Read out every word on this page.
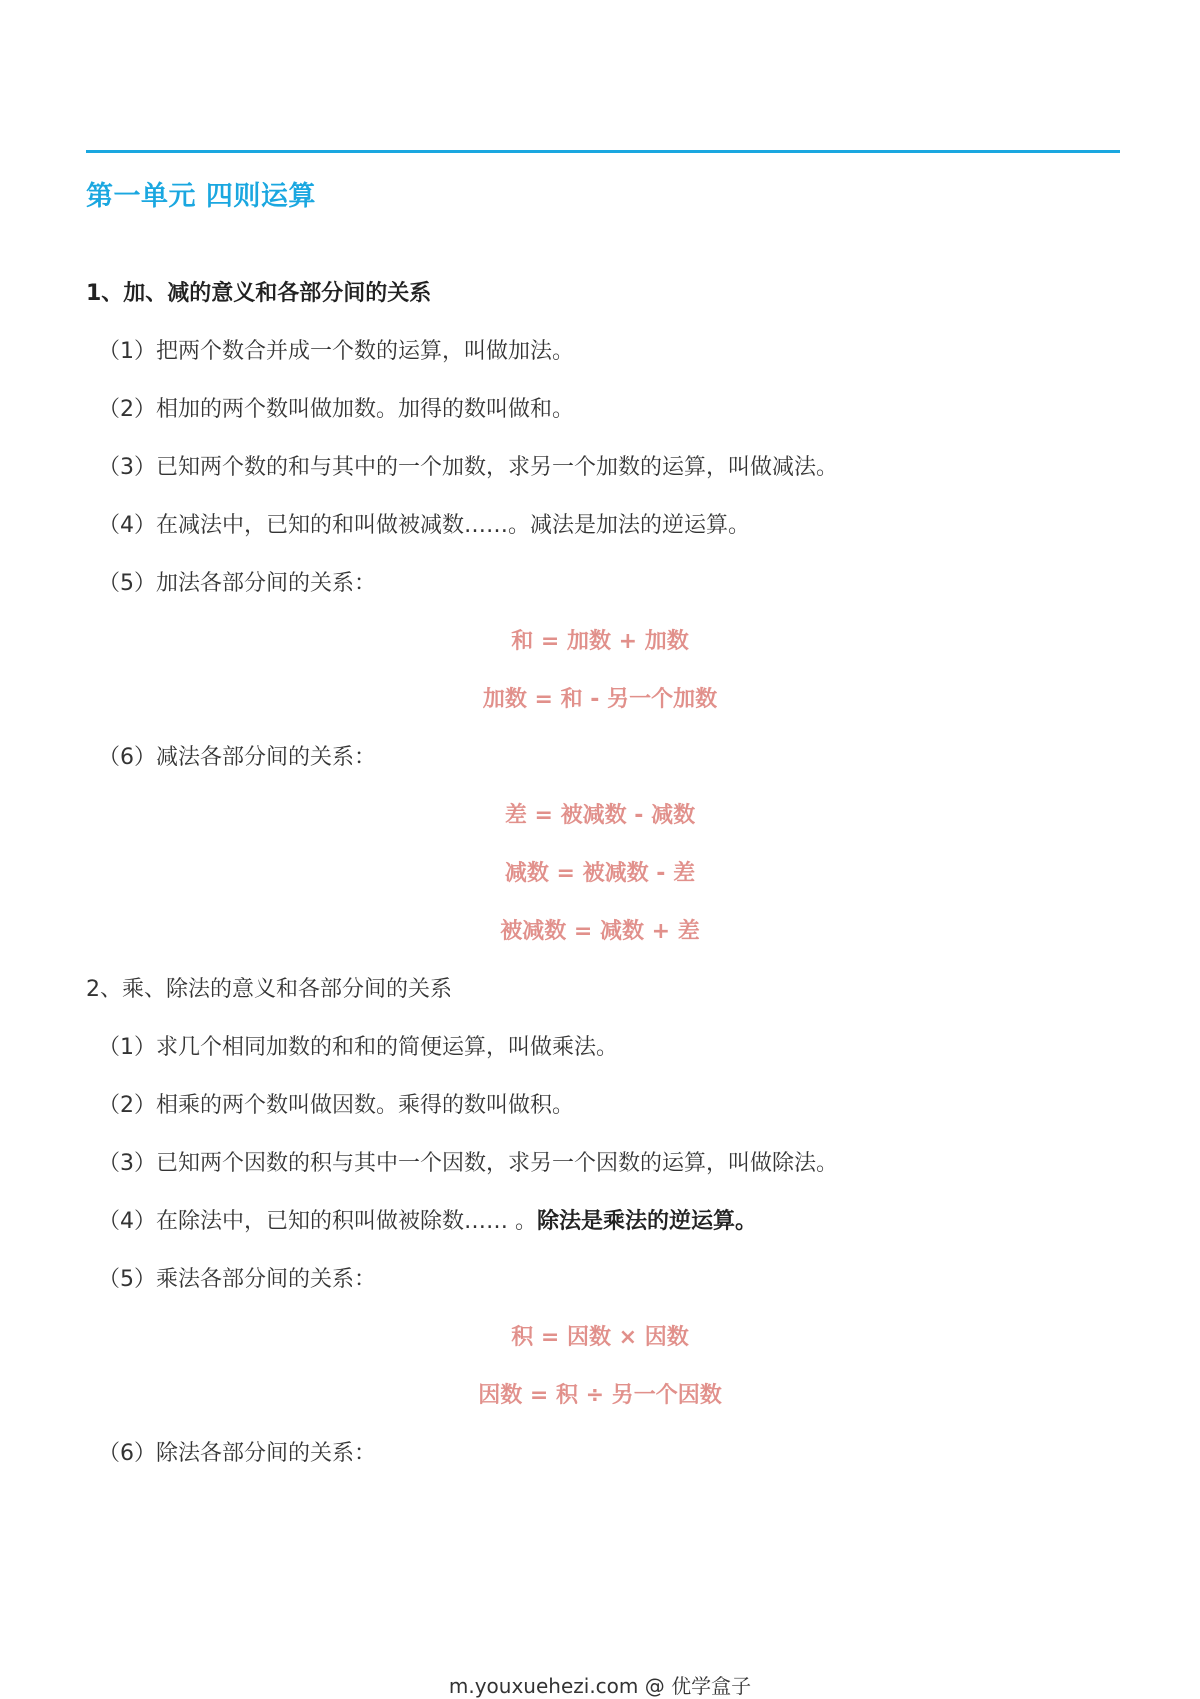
第一单元 四则运算
1、加、减的意义和各部分间的关系
（1）把两个数合并成一个数的运算，叫做加法。
（2）相加的两个数叫做加数。加得的数叫做和。
（3）已知两个数的和与其中的一个加数，求另一个加数的运算，叫做减法。
（4）在减法中，已知的和叫做被减数……。减法是加法的逆运算。
（5）加法各部分间的关系：
和 = 加数 + 加数
加数 = 和 - 另一个加数
（6）减法各部分间的关系：
差 = 被减数 - 减数
减数 = 被减数 - 差
被减数 = 减数 + 差
2、乘、除法的意义和各部分间的关系
（1）求几个相同加数的和和的简便运算，叫做乘法。
（2）相乘的两个数叫做因数。乘得的数叫做积。
（3）已知两个因数的积与其中一个因数，求另一个因数的运算，叫做除法。
（4）在除法中，已知的积叫做被除数…… 。除法是乘法的逆运算。
（5）乘法各部分间的关系：
积 = 因数 × 因数
因数 = 积 ÷ 另一个因数
（6）除法各部分间的关系：
m.youxuehezi.com @ 优学盒子
